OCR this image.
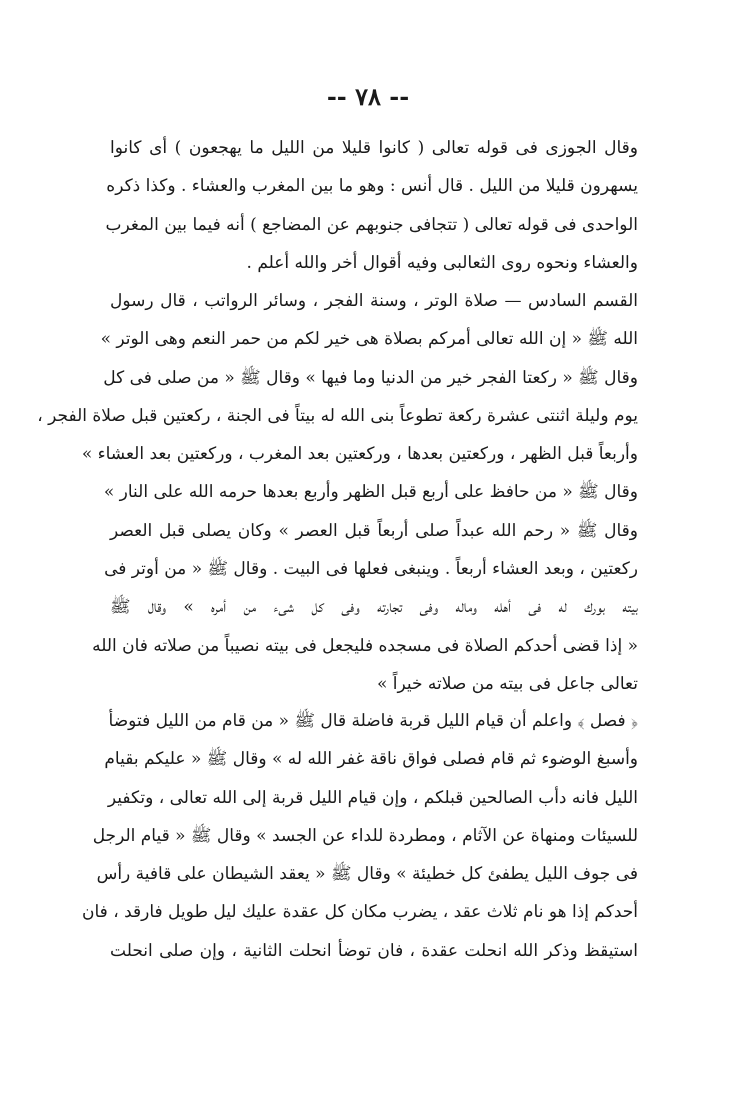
-- ٧٨ --
وقال الجوزى فى قوله تعالى ( كانوا قليلا من الليل ما يهجعون ) أى كانوا
يسهرون قليلا من الليل . قال أنس : وهو ما بين المغرب والعشاء . وكذا ذكره
الواحدى فى قوله تعالى ( تتجافى جنوبهم عن المضاجع ) أنه فيما بين المغرب
والعشاء ونحوه روى الثعالبى وفيه أقوال أخر والله أعلم .
القسم السادس — صلاة الوتر ، وسنة الفجر ، وسائر الرواتب ، قال رسول
الله ﷺ « إن الله تعالى أمركم بصلاة هى خير لكم من حمر النعم وهى الوتر »
وقال ﷺ « ركعتا الفجر خير من الدنيا وما فيها » وقال ﷺ « من صلى فى كل
يوم وليلة اثنتى عشرة ركعة تطوعاً بنى الله له بيتاً فى الجنة ، ركعتين قبل صلاة الفجر ،
وأربعاً قبل الظهر ، وركعتين بعدها ، وركعتين بعد المغرب ، وركعتين بعد العشاء »
وقال ﷺ « من حافظ على أربع قبل الظهر وأربع بعدها حرمه الله على النار »
وقال ﷺ « رحم الله عبداً صلى أربعاً قبل العصر » وكان يصلى قبل العصر
ركعتين ، وبعد العشاء أربعاً . وينبغى فعلها فى البيت . وقال ﷺ « من أوتر فى
بيته بورك له فى أهله وماله وفى تجارته وفى كل شىء من أمره » وقال ﷺ
« إذا قضى أحدكم الصلاة فى مسجده فليجعل فى بيته نصيباً من صلاته فان الله
تعالى جاعل فى بيته من صلاته خيراً »
﴿ فصل ﴾ واعلم أن قيام الليل قربة فاضلة قال ﷺ « من قام من الليل فتوضأ
وأسبغ الوضوء ثم قام فصلى فواق ناقة غفر الله له » وقال ﷺ « عليكم بقيام
الليل فانه دأب الصالحين قبلكم ، وإن قيام الليل قربة إلى الله تعالى ، وتكفير
للسيئات ومنهاة عن الآثام ، ومطردة للداء عن الجسد » وقال ﷺ « قيام الرجل
فى جوف الليل يطفئ كل خطيئة » وقال ﷺ « يعقد الشيطان على قافية رأس
أحدكم إذا هو نام ثلاث عقد ، يضرب مكان كل عقدة عليك ليل طويل فارقد ، فان
استيقظ وذكر الله انحلت عقدة ، فان توضأ انحلت الثانية ، وإن صلى انحلت
